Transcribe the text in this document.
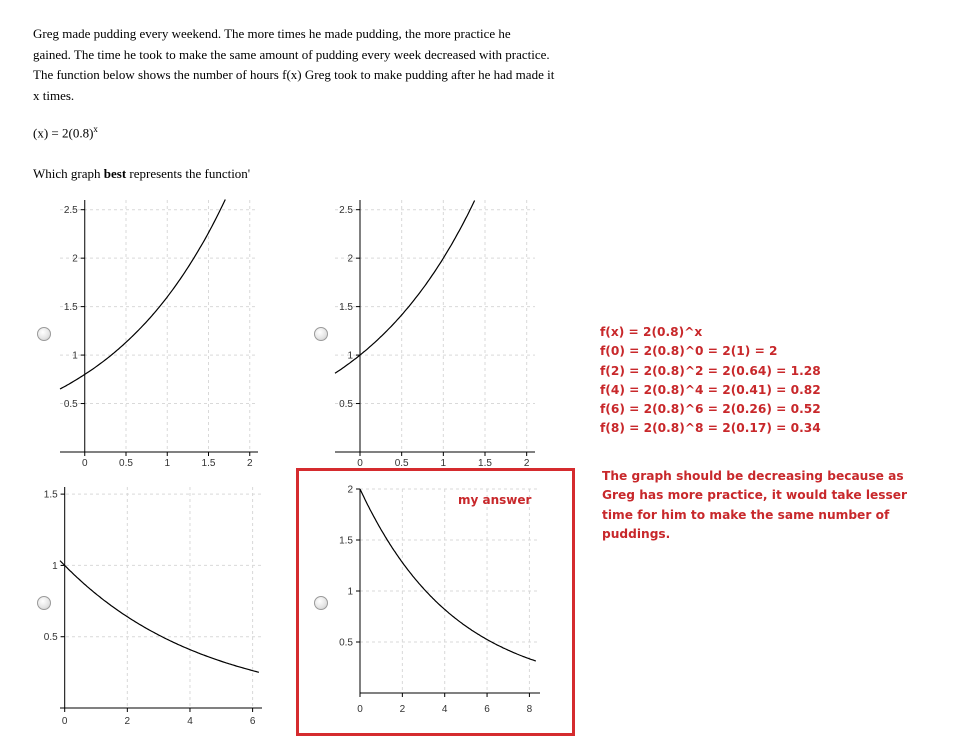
Greg made pudding every weekend. The more times he made pudding, the more practice he

gained. The time he took to make the same amount of pudding every week decreased with practice.

The function below shows the number of hours f(x) Greg took to make pudding after he had made it

x times.

$(x) = 2(0.8)^x$
Which graph best represents the function'
0.5
1
1.5
2
2.5
0	0.5	1	1.5	2
0.5
1
1.5
2
2.5
0	0.5	1	1.5	2
0.5
1
1.5
0	2	4	6
0.5
1
1.5
2
0	2	4	6	8
my answer
f(x) = 2(0.8)^x
f(0) = 2(0.8)^0 = 2(1) = 2
f(2) = 2(0.8)^2 = 2(0.64) = 1.28
f(4) = 2(0.8)^4 = 2(0.41) = 0.82
f(6) = 2(0.8)^6 = 2(0.26) = 0.52
f(8) = 2(0.8)^8 = 2(0.17) = 0.34
The graph should be decreasing because as Greg has more practice, it would take lesser time for him to make the same number of puddings.
